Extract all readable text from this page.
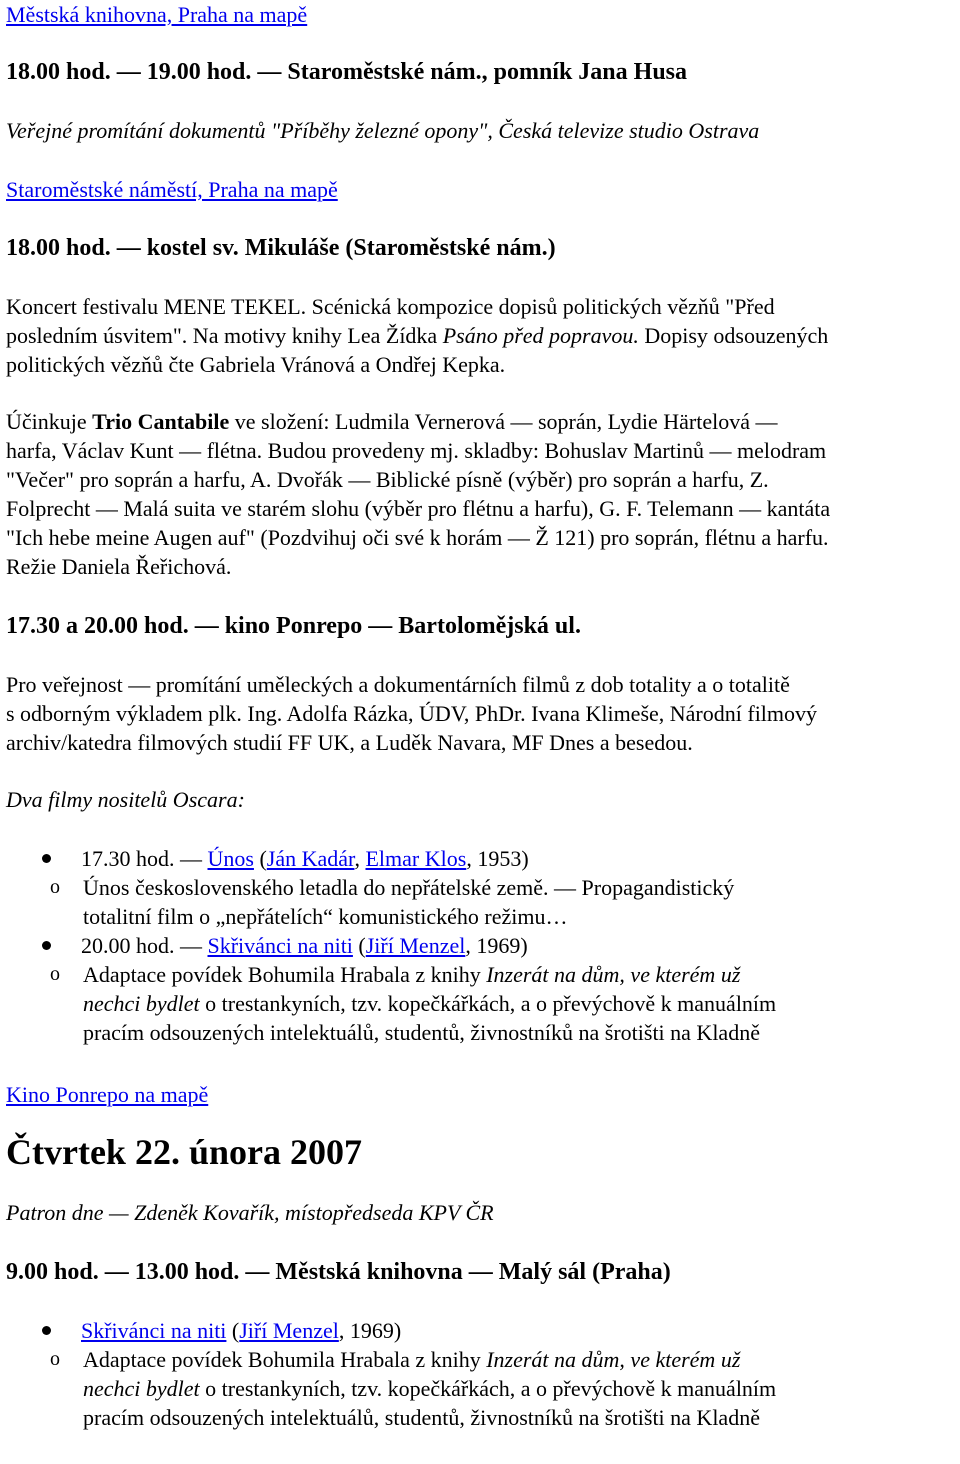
Městská knihovna, Praha na mapě

18.00 hod. — 19.00 hod. — Staroměstské nám., pomník Jana Husa

Veřejné promítání dokumentů "Příběhy železné opony", Česká televize studio Ostrava

Staroměstské náměstí, Praha na mapě

18.00 hod. — kostel sv. Mikuláše (Staroměstské nám.)

Koncert festivalu MENE TEKEL. Scénická kompozice dopisů politických vězňů "Před
posledním úsvitem". Na motivy knihy Lea Žídka Psáno před popravou. Dopisy odsouzených
politických vězňů čte Gabriela Vránová a Ondřej Kepka.
Účinkuje Trio Cantabile ve složení: Ludmila Vernerová — soprán, Lydie Härtelová —
harfa, Václav Kunt — flétna. Budou provedeny mj. skladby: Bohuslav Martinů — melodram
"Večer" pro soprán a harfu, A. Dvořák — Biblické písně (výběr) pro soprán a harfu, Z.
Folprecht — Malá suita ve starém slohu (výběr pro flétnu a harfu), G. F. Telemann — kantáta
"Ich hebe meine Augen auf" (Pozdvihuj oči své k horám — Ž 121) pro soprán, flétnu a harfu.
Režie Daniela Řeřichová.

17.30 a 20.00 hod. — kino Ponrepo — Bartolomějská ul.

Pro veřejnost — promítání uměleckých a dokumentárních filmů z dob totality a o totalitě
s odborným výkladem plk. Ing. Adolfa Rázka, ÚDV, PhDr. Ivana Klimeše, Národní filmový
archiv/katedra filmových studií FF UK, a Luděk Navara, MF Dnes a besedou.

Dva filmy nositelů Oscara:

17.30 hod. — Únos (Ján Kadár, Elmar Klos, 1953)
o Únos československého letadla do nepřátelské země. — Propagandistický
totalitní film o „nepřátelích“ komunistického režimu…
20.00 hod. — Skřivánci na niti (Jiří Menzel, 1969)
o Adaptace povídek Bohumila Hrabala z knihy Inzerát na dům, ve kterém už
nechci bydlet o trestankyních, tzv. kopečkářkách, a o převýchově k manuálním
pracím odsouzených intelektuálů, studentů, živnostníků na šrotišti na Kladně

Kino Ponrepo na mapě

Čtvrtek 22. února 2007

Patron dne — Zdeněk Kovařík, místopředseda KPV ČR

9.00 hod. — 13.00 hod. — Městská knihovna — Malý sál (Praha)

Skřivánci na niti (Jiří Menzel, 1969)
o Adaptace povídek Bohumila Hrabala z knihy Inzerát na dům, ve kterém už
nechci bydlet o trestankyních, tzv. kopečkářkách, a o převýchově k manuálním
pracím odsouzených intelektuálů, studentů, živnostníků na šrotišti na Kladně
